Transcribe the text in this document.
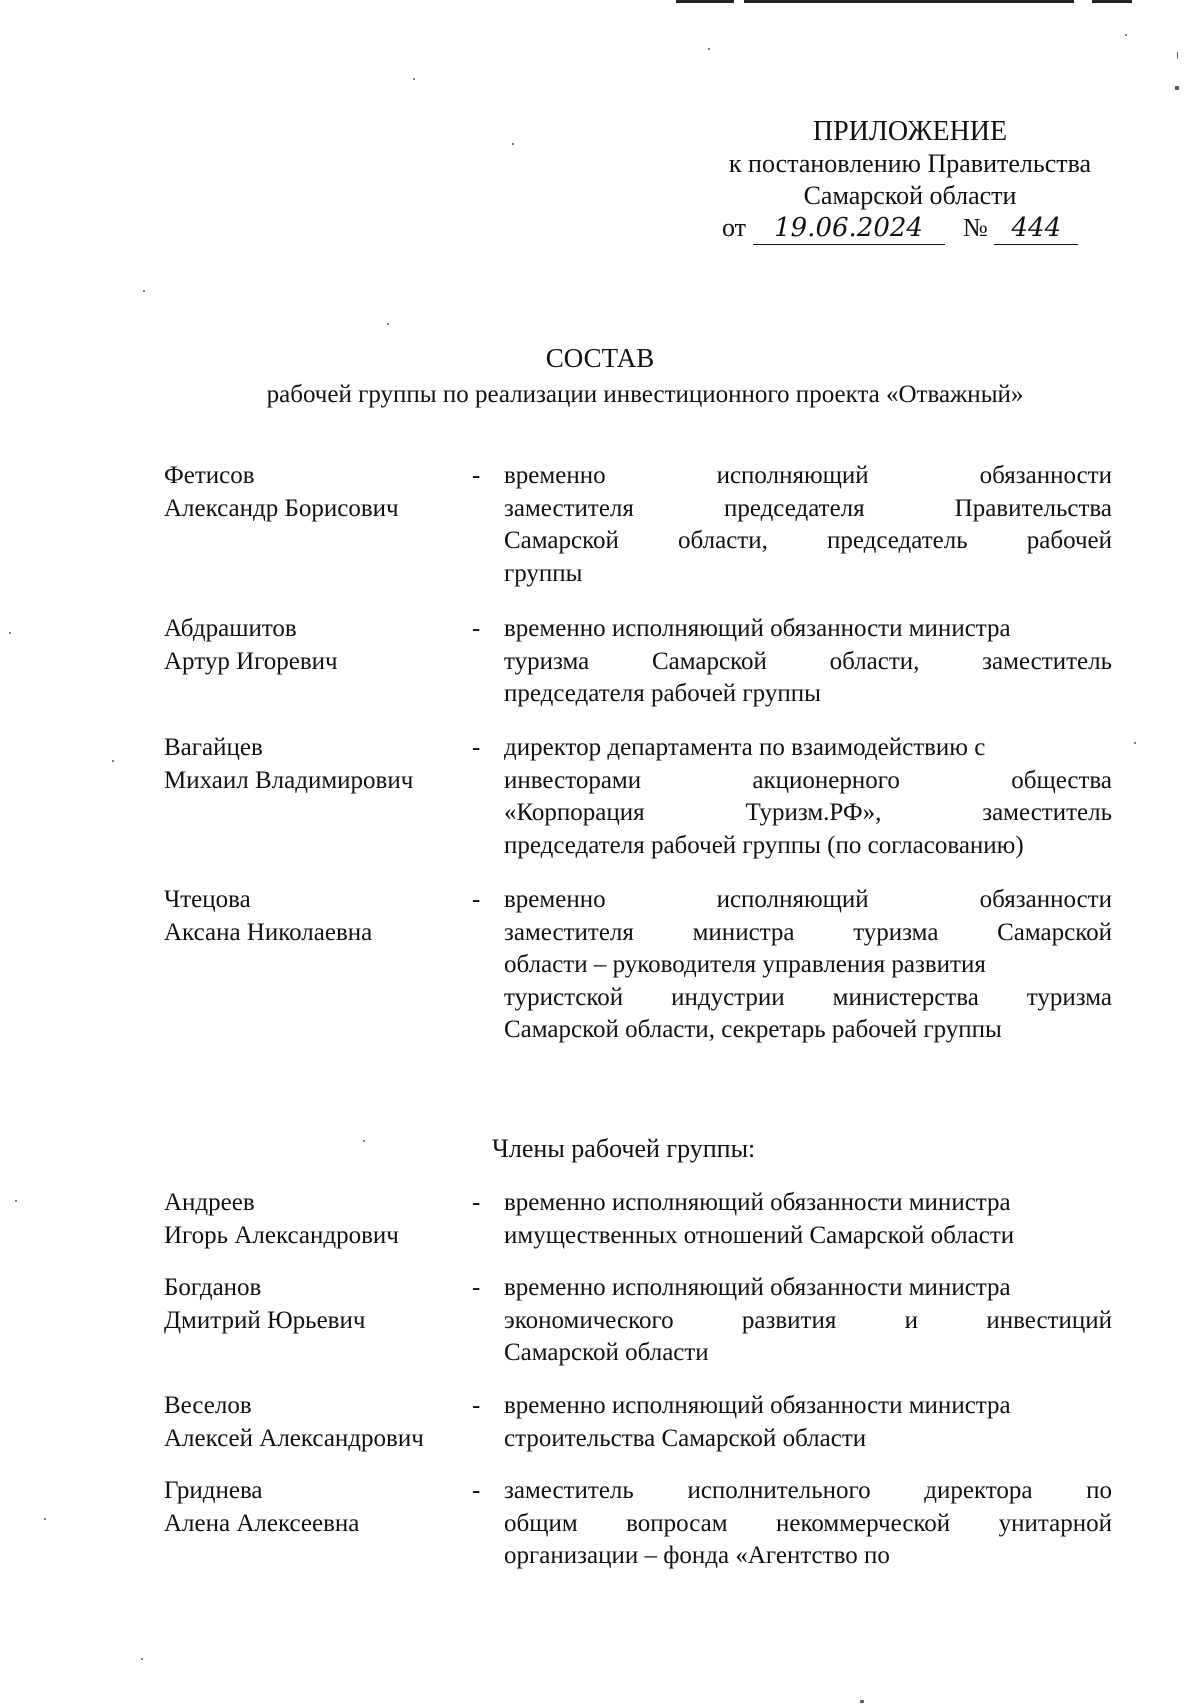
ПРИЛОЖЕНИЕ
к постановлению Правительства
Самарской области
от 19.06.2024 № 444
СОСТАВ
рабочей группы по реализации инвестиционного проекта «Отважный»
Фетисов
Александр Борисович
- временно	исполняющий	обязанности
заместителя	председателя	Правительства
Самарской области, председатель рабочей
группы
Абдрашитов
Артур Игоревич
- временно исполняющий обязанности министра
туризма	Самарской	области,	заместитель
председателя рабочей группы
Вагайцев
Михаил Владимирович
- директор департамента по взаимодействию с
инвесторами	акционерного	общества
«Корпорация	Туризм.РФ»,	заместитель
председателя рабочей группы (по согласованию)
Чтецова
Аксана Николаевна
- временно	исполняющий	обязанности
заместителя министра туризма Самарской
области – руководителя управления развития
туристской индустрии министерства туризма
Самарской области, секретарь рабочей группы
Члены рабочей группы:
Андреев
Игорь Александрович
- временно исполняющий обязанности министра
имущественных отношений Самарской области
Богданов
Дмитрий Юрьевич
- временно исполняющий обязанности министра
экономического	развития	и	инвестиций
Самарской области
Веселов
Алексей Александрович
- временно исполняющий обязанности министра
строительства Самарской области
Гриднева
Алена Алексеевна
- заместитель исполнительного директора по
общим вопросам некоммерческой унитарной
организации – фонда «Агентство по
